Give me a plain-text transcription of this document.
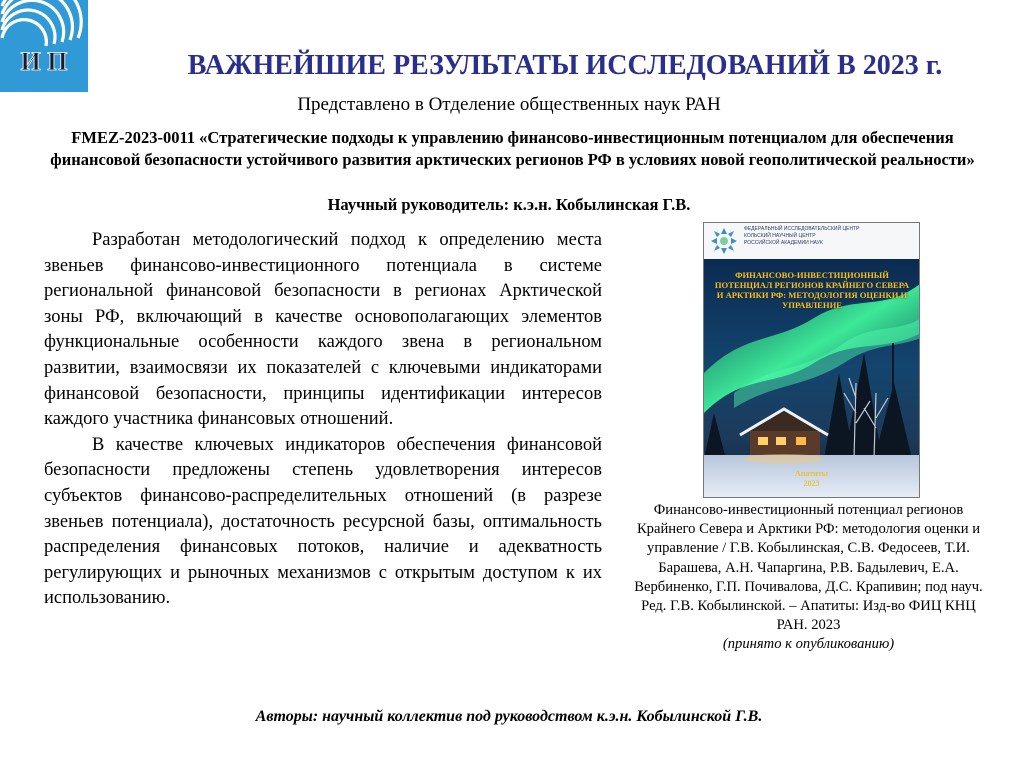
И П	ВАЖНЕЙШИЕ РЕЗУЛЬТАТЫ ИССЛЕДОВАНИЙ В 2023 г.
Представлено в Отделение общественных наук РАН
FMEZ-2023-0011 «Стратегические подходы к управлению финансово-инвестиционным потенциалом для обеспечения финансовой безопасности устойчивого развития арктических регионов РФ в условиях новой геополитической реальности»
Научный руководитель: к.э.н. Кобылинская Г.В.

Разработан методологический подход к определению места звеньев финансово-инвестиционного потенциала в системе региональной финансовой безопасности в регионах Арктической зоны РФ, включающий в качестве основополагающих элементов функциональные особенности каждого звена в региональном развитии, взаимосвязи их показателей с ключевыми индикаторами финансовой безопасности, принципы идентификации интересов каждого участника финансовых отношений.

В качестве ключевых индикаторов обеспечения финансовой безопасности предложены степень удовлетворения интересов субъектов финансово-распределительных отношений (в разрезе звеньев потенциала), достаточность ресурсной базы, оптимальность распределения финансовых потоков, наличие и адекватность регулирующих и рыночных механизмов с открытым доступом к их использованию.

ФЕДЕРАЛЬНЫЙ ИССЛЕДОВАТЕЛЬСКИЙ ЦЕНТР
КОЛЬСКИЙ НАУЧНЫЙ ЦЕНТР
РОССИЙСКОЙ АКАДЕМИИ НАУК
ФИНАНСОВО-ИНВЕСТИЦИОННЫЙ ПОТЕНЦИАЛ РЕГИОНОВ КРАЙНЕГО СЕВЕРА И АРКТИКИ РФ: МЕТОДОЛОГИЯ ОЦЕНКИ И УПРАВЛЕНИЕ
Апатиты
2023
Финансово-инвестиционный потенциал регионов Крайнего Севера и Арктики РФ: методология оценки и управление / Г.В. Кобылинская, С.В. Федосеев, Т.И. Барашева, А.Н. Чапаргина, Р.В. Бадылевич, Е.А. Вербиненко, Г.П. Почивалова, Д.С. Крапивин; под науч. Ред. Г.В. Кобылинской. – Апатиты: Изд-во ФИЦ КНЦ РАН. 2023
(принято к опубликованию)
Авторы: научный коллектив под руководством к.э.н. Кобылинской Г.В.
